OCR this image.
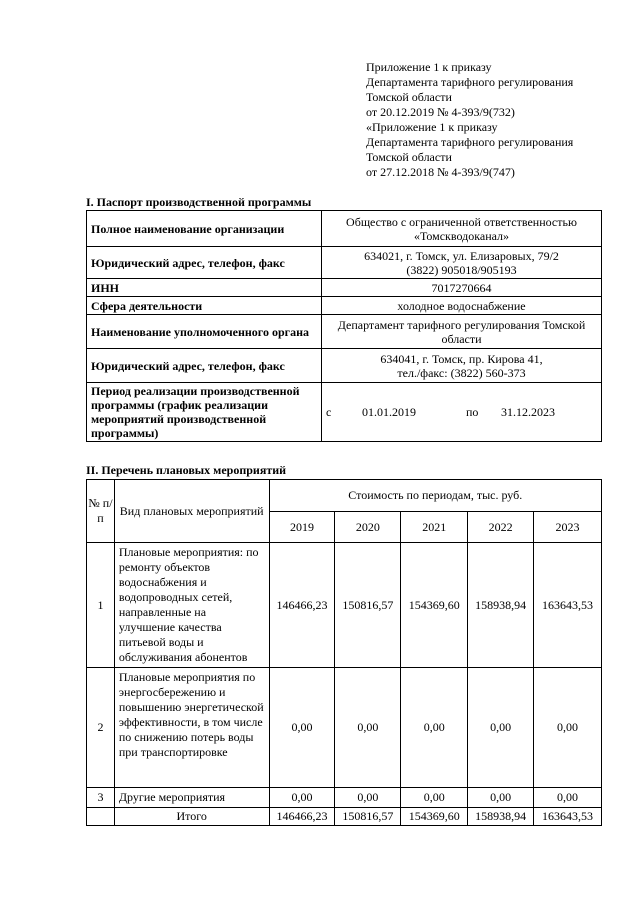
Приложение 1 к приказу
Департамента тарифного регулирования
Томской области
от 20.12.2019 № 4-393/9(732)
«Приложение 1 к приказу
Департамента тарифного регулирования
Томской области
от 27.12.2018 № 4-393/9(747)
I. Паспорт производственной программы
Полное наименование организации	Общество с ограниченной ответственностью «Томскводоканал»
Юридический адрес, телефон, факс	634021, г. Томск, ул. Елизаровых, 79/2
(3822) 905018/905193

ИНН	7017270664
Сфера деятельности	холодное водоснабжение
Наименование уполномоченного органа	Департамент тарифного регулирования Томской области
Юридический адрес, телефон, факс	634041, г. Томск, пр. Кирова 41,
тел./факс: (3822) 560-373

Период реализации производственной программы (график реализации мероприятий производственной программы)	с 01.01.2019 по 31.12.2023
II. Перечень плановых мероприятий
№ п/п	Вид плановых мероприятий	Стоимость по периодам, тыс. руб.				
		2019	2020	2021	2022	2023
1	Плановые мероприятия: по ремонту объектов водоснабжения и водопроводных сетей, направленные на улучшение качества питьевой воды и обслуживания абонентов	146466,23	150816,57	154369,60	158938,94	163643,53
2	Плановые мероприятия по энергосбережению и повышению энергетической эффективности, в том числе по снижению потерь воды при транспортировке	0,00	0,00	0,00	0,00	0,00
3	Другие мероприятия	0,00	0,00	0,00	0,00	0,00
	Итого	146466,23	150816,57	154369,60	158938,94	163643,53
